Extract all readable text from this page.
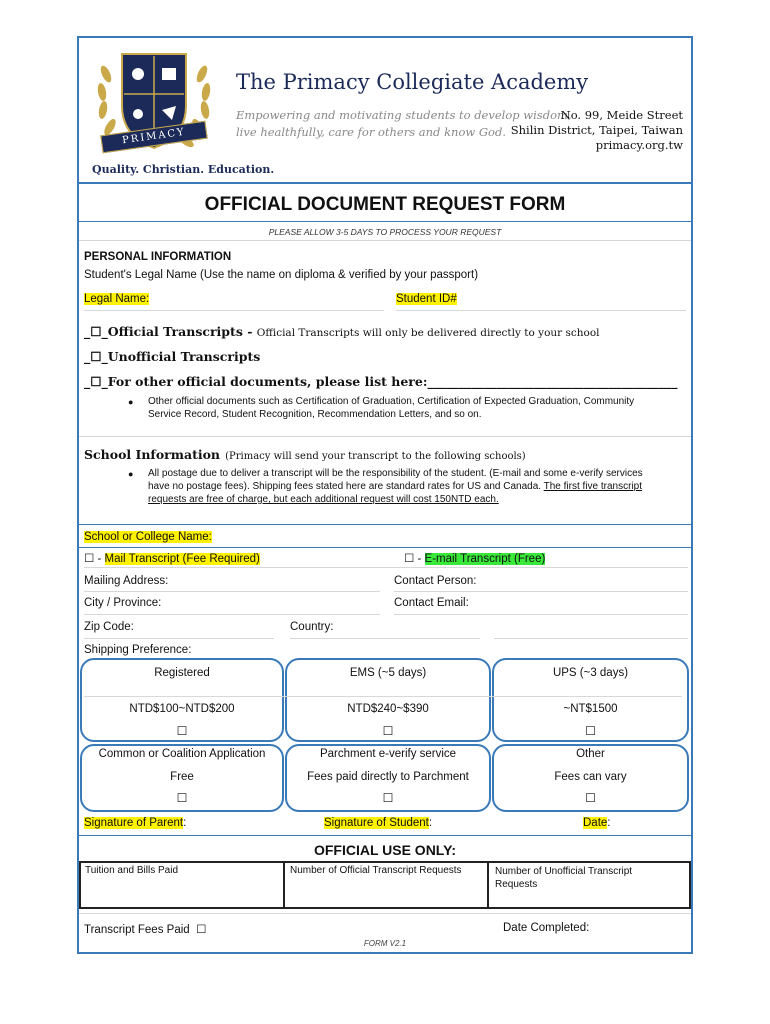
PRIMACY
The Primacy Collegiate Academy
Empowering and motivating students to develop wisdom,
live healthfully, care for others and know God.
No. 99, Meide Street
Shilin District, Taipei, Taiwan
primacy.org.tw
Quality. Christian. Education.
OFFICIAL DOCUMENT REQUEST FORM
PLEASE ALLOW 3-5 DAYS TO PROCESS YOUR REQUEST
PERSONAL INFORMATION
Student's Legal Name (Use the name on diploma & verified by your passport)
Legal Name:	Student ID#
_☐_Official Transcripts - Official Transcripts will only be delivered directly to your school
_☐_Unofficial Transcripts
_☐_For other official documents, please list here:________________________________________
● Other official documents such as Certification of Graduation, Certification of Expected Graduation, Community
Service Record, Student Recognition, Recommendation Letters, and so on.
School Information (Primacy will send your transcript to the following schools)
● All postage due to deliver a transcript will be the responsibility of the student. (E-mail and some e-verify services
have no postage fees). Shipping fees stated here are standard rates for US and Canada. The first five transcript
requests are free of charge, but each additional request will cost 150NTD each.
School or College Name:
☐ - Mail Transcript (Fee Required)	☐ - E-mail Transcript (Free)
Mailing Address:	Contact Person:
City / Province:	Contact Email:
Zip Code:	Country:
Shipping Preference:
Registered	EMS (~5 days)	UPS (~3 days)
NTD$100~NTD$200	NTD$240~$390	~NT$1500
☐	☐	☐
Common or Coalition Application	Parchment e-verify service	Other
Free	Fees paid directly to Parchment	Fees can vary
☐	☐	☐
Signature of Parent:	Signature of Student:	Date:
OFFICIAL USE ONLY:
Tuition and Bills Paid	Number of Official Transcript Requests	Number of Unofficial Transcript
Requests
Transcript Fees Paid ☐	Date Completed:
FORM V2.1
